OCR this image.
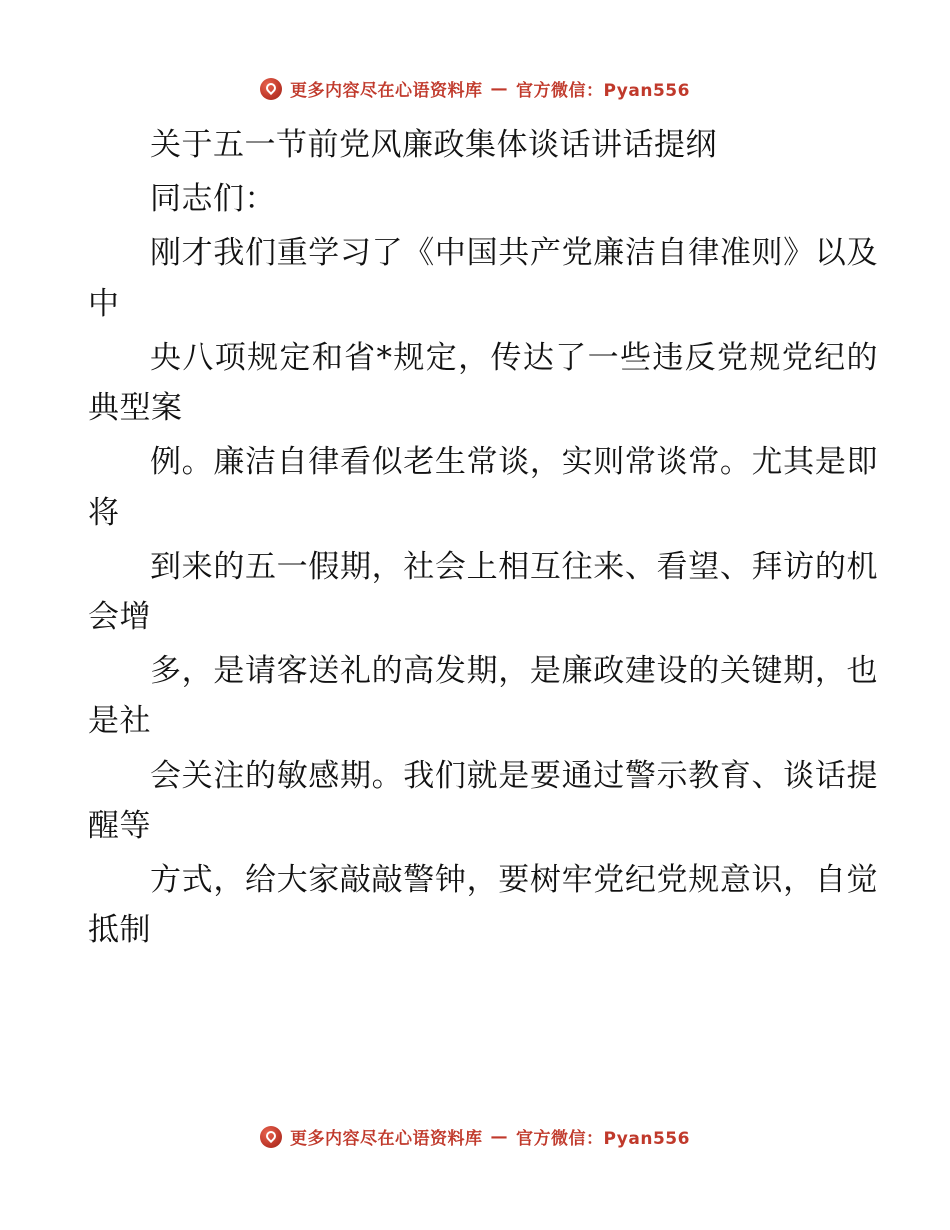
更多内容尽在心语资料库 — 官方微信：Pyan556

关于五一节前党风廉政集体谈话讲话提纲

同志们：

刚才我们重学习了《中国共产党廉洁自律准则》以及中

央八项规定和省*规定，传达了一些违反党规党纪的典型案

例。廉洁自律看似老生常谈，实则常谈常。尤其是即将

到来的五一假期，社会上相互往来、看望、拜访的机会增

多，是请客送礼的高发期，是廉政建设的关键期，也是社

会关注的敏感期。我们就是要通过警示教育、谈话提醒等

方式，给大家敲敲警钟，要树牢党纪党规意识，自觉抵制

更多内容尽在心语资料库 — 官方微信：Pyan556
